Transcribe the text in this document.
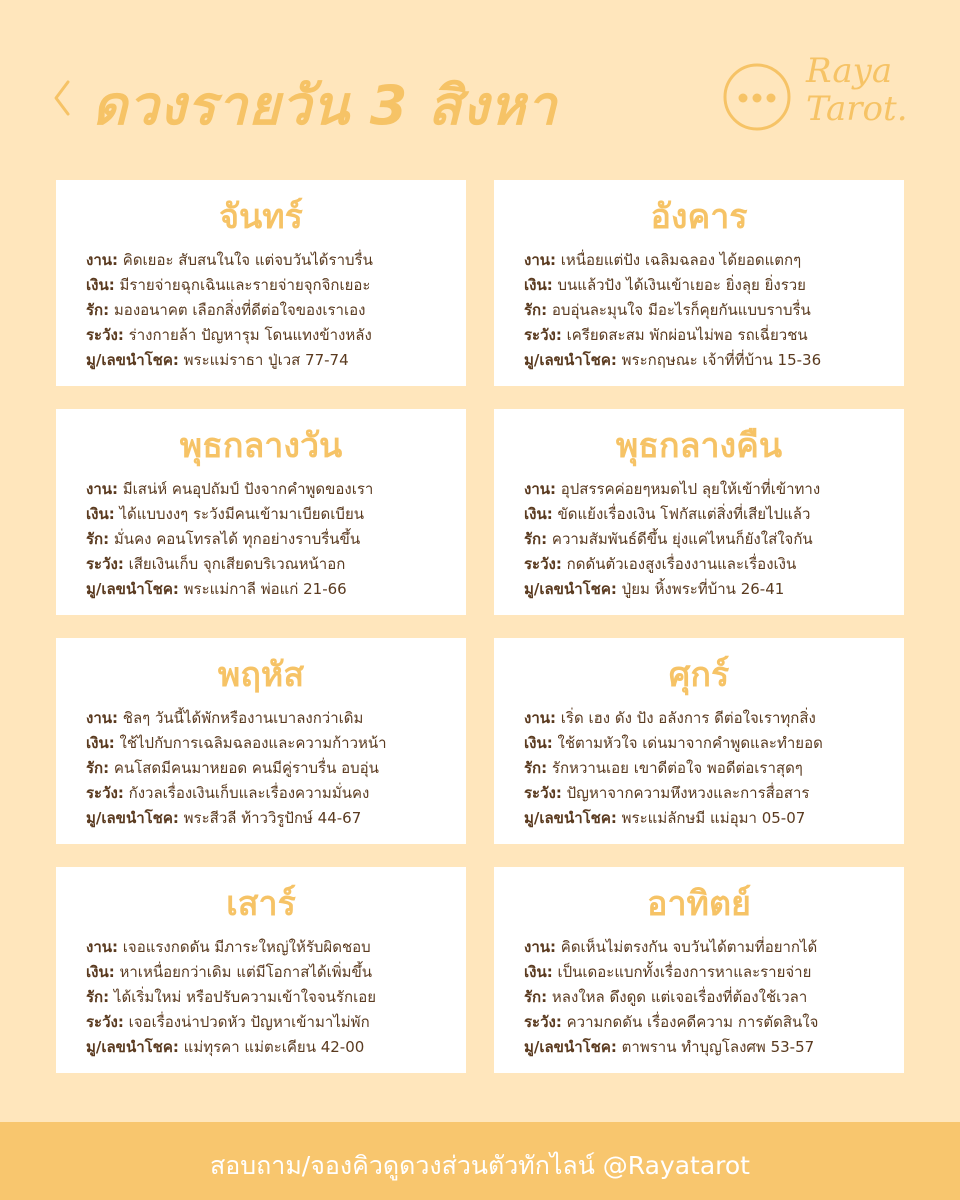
ดวงรายวัน 3 สิงหา
Raya
Tarot.
จันทร์
งาน: คิดเยอะ สับสนในใจ แต่จบวันได้ราบรื่น
เงิน: มีรายจ่ายฉุกเฉินและรายจ่ายจุกจิกเยอะ
รัก: มองอนาคต เลือกสิ่งที่ดีต่อใจของเราเอง
ระวัง: ร่างกายล้า ปัญหารุม โดนแทงข้างหลัง
มู/เลขนำโชค: พระแม่ราธา ปู่เวส 77-74
อังคาร
งาน: เหนื่อยแต่ปัง เฉลิมฉลอง ได้ยอดแตกๆ
เงิน: บนแล้วปัง ได้เงินเข้าเยอะ ยิ่งลุย ยิ่งรวย
รัก: อบอุ่นละมุนใจ มีอะไรก็คุยกันแบบราบรื่น
ระวัง: เครียดสะสม พักผ่อนไม่พอ รถเฉี่ยวชน
มู/เลขนำโชค: พระกฤษณะ เจ้าที่ที่บ้าน 15-36
พุธกลางวัน
งาน: มีเสน่ห์ คนอุปถัมป์ ปังจากคำพูดของเรา
เงิน: ได้แบบงงๆ ระวังมีคนเข้ามาเบียดเบียน
รัก: มั่นคง คอนโทรลได้ ทุกอย่างราบรื่นขึ้น
ระวัง: เสียเงินเก็บ จุกเสียดบริเวณหน้าอก
มู/เลขนำโชค: พระแม่กาลี พ่อแก่ 21-66
พุธกลางคืน
งาน: อุปสรรคค่อยๆหมดไป ลุยให้เข้าที่เข้าทาง
เงิน: ขัดแย้งเรื่องเงิน โฟกัสแต่สิ่งที่เสียไปแล้ว
รัก: ความสัมพันธ์ดีขึ้น ยุ่งแค่ไหนก็ยังใส่ใจกัน
ระวัง: กดดันตัวเองสูงเรื่องงานและเรื่องเงิน
มู/เลขนำโชค: ปู่ยม หิ้งพระที่บ้าน 26-41
พฤหัส
งาน: ชิลๆ วันนี้ได้พักหรืองานเบาลงกว่าเดิม
เงิน: ใช้ไปกับการเฉลิมฉลองและความก้าวหน้า
รัก: คนโสดมีคนมาหยอด คนมีคู่ราบรื่น อบอุ่น
ระวัง: กังวลเรื่องเงินเก็บและเรื่องความมั่นคง
มู/เลขนำโชค: พระสีวลี ท้าววิรูปักษ์ 44-67
ศุกร์
งาน: เริ่ด เฮง ดัง ปัง อลังการ ดีต่อใจเราทุกสิ่ง
เงิน: ใช้ตามหัวใจ เด่นมาจากคำพูดและทำยอด
รัก: รักหวานเอย เขาดีต่อใจ พอดีต่อเราสุดๆ
ระวัง: ปัญหาจากความหึงหวงและการสื่อสาร
มู/เลขนำโชค: พระแม่ลักษมี แม่อุมา 05-07
เสาร์
งาน: เจอแรงกดดัน มีภาระใหญ่ให้รับผิดชอบ
เงิน: หาเหนื่อยกว่าเดิม แต่มีโอกาสได้เพิ่มขึ้น
รัก: ได้เริ่มใหม่ หรือปรับความเข้าใจจนรักเอย
ระวัง: เจอเรื่องน่าปวดหัว ปัญหาเข้ามาไม่พัก
มู/เลขนำโชค: แม่ทุรคา แม่ตะเคียน 42-00
อาทิตย์
งาน: คิดเห็นไม่ตรงกัน จบวันได้ตามที่อยากได้
เงิน: เป็นเดอะแบกทั้งเรื่องการหาและรายจ่าย
รัก: หลงใหล ดึงดูด แต่เจอเรื่องที่ต้องใช้เวลา
ระวัง: ความกดดัน เรื่องคดีความ การตัดสินใจ
มู/เลขนำโชค: ตาพราน ทำบุญโลงศพ 53-57
สอบถาม/จองคิวดูดวงส่วนตัวทักไลน์ @Rayatarot
